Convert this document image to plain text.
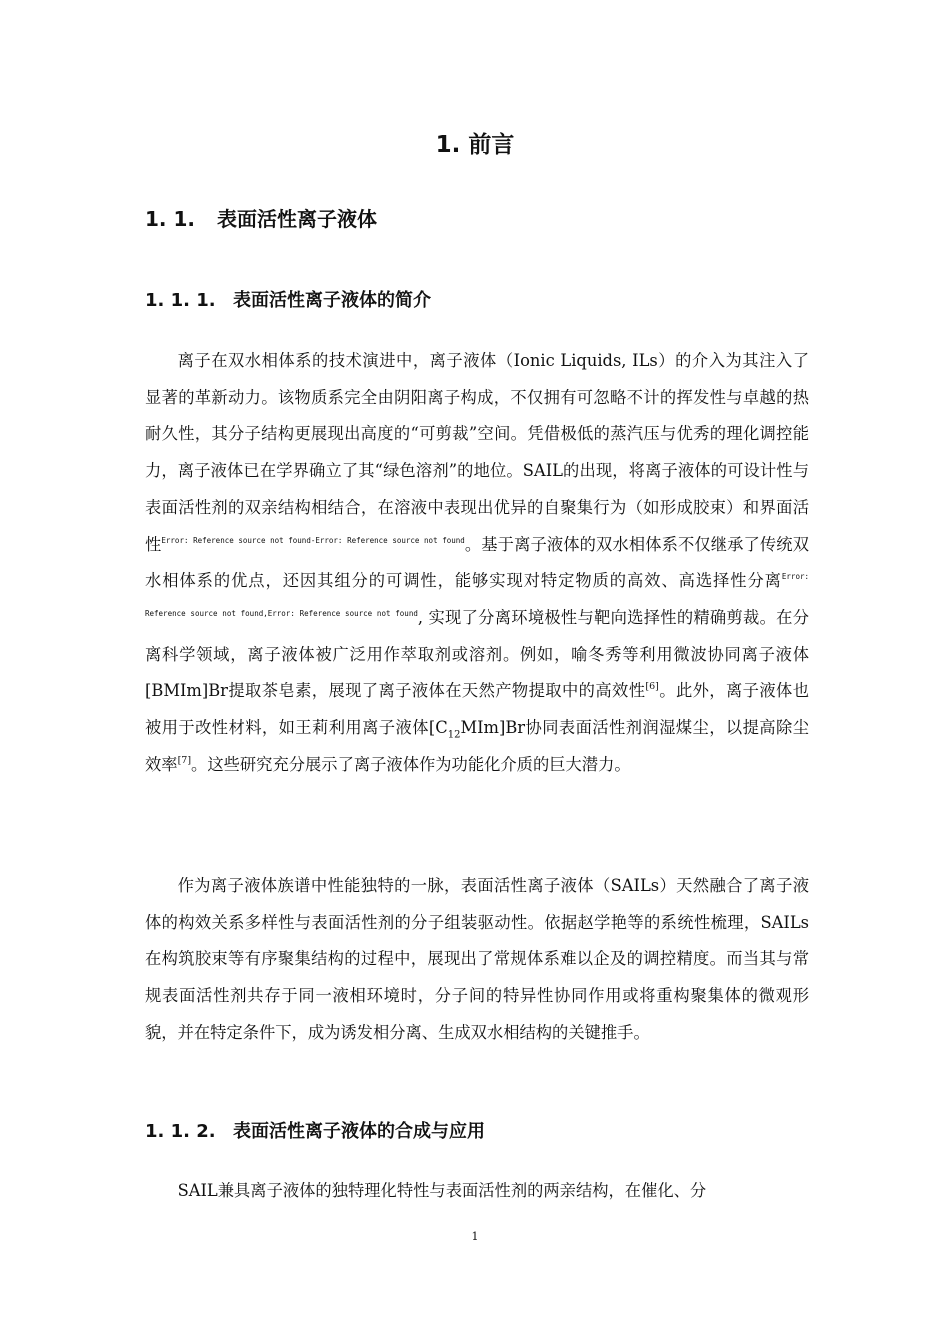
1. 前言
1. 1. 表面活性离子液体
1. 1. 1. 表面活性离子液体的简介

离子在双水相体系的技术演进中，离子液体（Ionic Liquids, ILs）的介入为其注入了显著的革新动力。该物质系完全由阴阳离子构成，不仅拥有可忽略不计的挥发性与卓越的热耐久性，其分子结构更展现出高度的“可剪裁”空间。凭借极低的蒸汽压与优秀的理化调控能力，离子液体已在学界确立了其“绿色溶剂”的地位。SAIL的出现，将离子液体的可设计性与表面活性剂的双亲结构相结合，在溶液中表现出优异的自聚集行为（如形成胶束）和界面活性$^{Error: Reference source not found-Error: Reference source not found}$。基于离子液体的双水相体系不仅继承了传统双水相体系的优点，还因其组分的可调性，能够实现对特定物质的高效、高选择性分离$^{Error: Reference source not found,Error: Reference source not found}$, 实现了分离环境极性与靶向选择性的精确剪裁。在分离科学领域，离子液体被广泛用作萃取剂或溶剂。例如，喻冬秀等利用微波协同离子液体[BMIm]Br提取茶皂素，展现了离子液体在天然产物提取中的高效性[6]。此外，离子液体也被用于改性材料，如王莉利用离子液体$[C_{12}MIm]Br$协同表面活性剂润湿煤尘，以提高除尘效率[7]。这些研究充分展示了离子液体作为功能化介质的巨大潜力。

作为离子液体族谱中性能独特的一脉，表面活性离子液体（SAILs）天然融合了离子液体的构效关系多样性与表面活性剂的分子组装驱动性。依据赵学艳等的系统性梳理，SAILs在构筑胶束等有序聚集结构的过程中，展现出了常规体系难以企及的调控精度。而当其与常规表面活性剂共存于同一液相环境时，分子间的特异性协同作用或将重构聚集体的微观形貌，并在特定条件下，成为诱发相分离、生成双水相结构的关键推手。

1. 1. 2. 表面活性离子液体的合成与应用

SAIL兼具离子液体的独特理化特性与表面活性剂的两亲结构，在催化、分

1
